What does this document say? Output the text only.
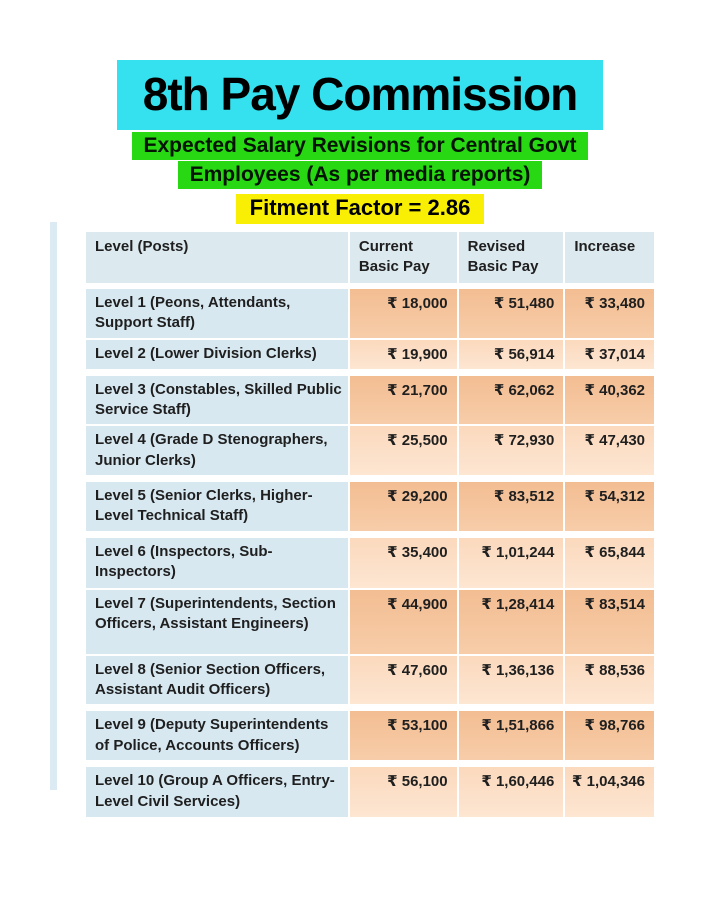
8th Pay Commission
Expected Salary Revisions for Central Govt
Employees (As per media reports)
Fitment Factor = 2.86
Level (Posts)	Current Basic Pay	Revised Basic Pay	Increase
Level 1 (Peons, Attendants, Support Staff)	₹ 18,000	₹ 51,480	₹ 33,480
Level 2 (Lower Division Clerks)	₹ 19,900	₹ 56,914	₹ 37,014
Level 3 (Constables, Skilled Public Service Staff)	₹ 21,700	₹ 62,062	₹ 40,362
Level 4 (Grade D Stenographers, Junior Clerks)	₹ 25,500	₹ 72,930	₹ 47,430
Level 5 (Senior Clerks, Higher-Level Technical Staff)	₹ 29,200	₹ 83,512	₹ 54,312
Level 6 (Inspectors, Sub-Inspectors)	₹ 35,400	₹ 1,01,244	₹ 65,844
Level 7 (Superintendents, Section Officers, Assistant Engineers)	₹ 44,900	₹ 1,28,414	₹ 83,514
Level 8 (Senior Section Officers, Assistant Audit Officers)	₹ 47,600	₹ 1,36,136	₹ 88,536
Level 9 (Deputy Superintendents of Police, Accounts Officers)	₹ 53,100	₹ 1,51,866	₹ 98,766
Level 10 (Group A Officers, Entry-Level Civil Services)	₹ 56,100	₹ 1,60,446	₹ 1,04,346
